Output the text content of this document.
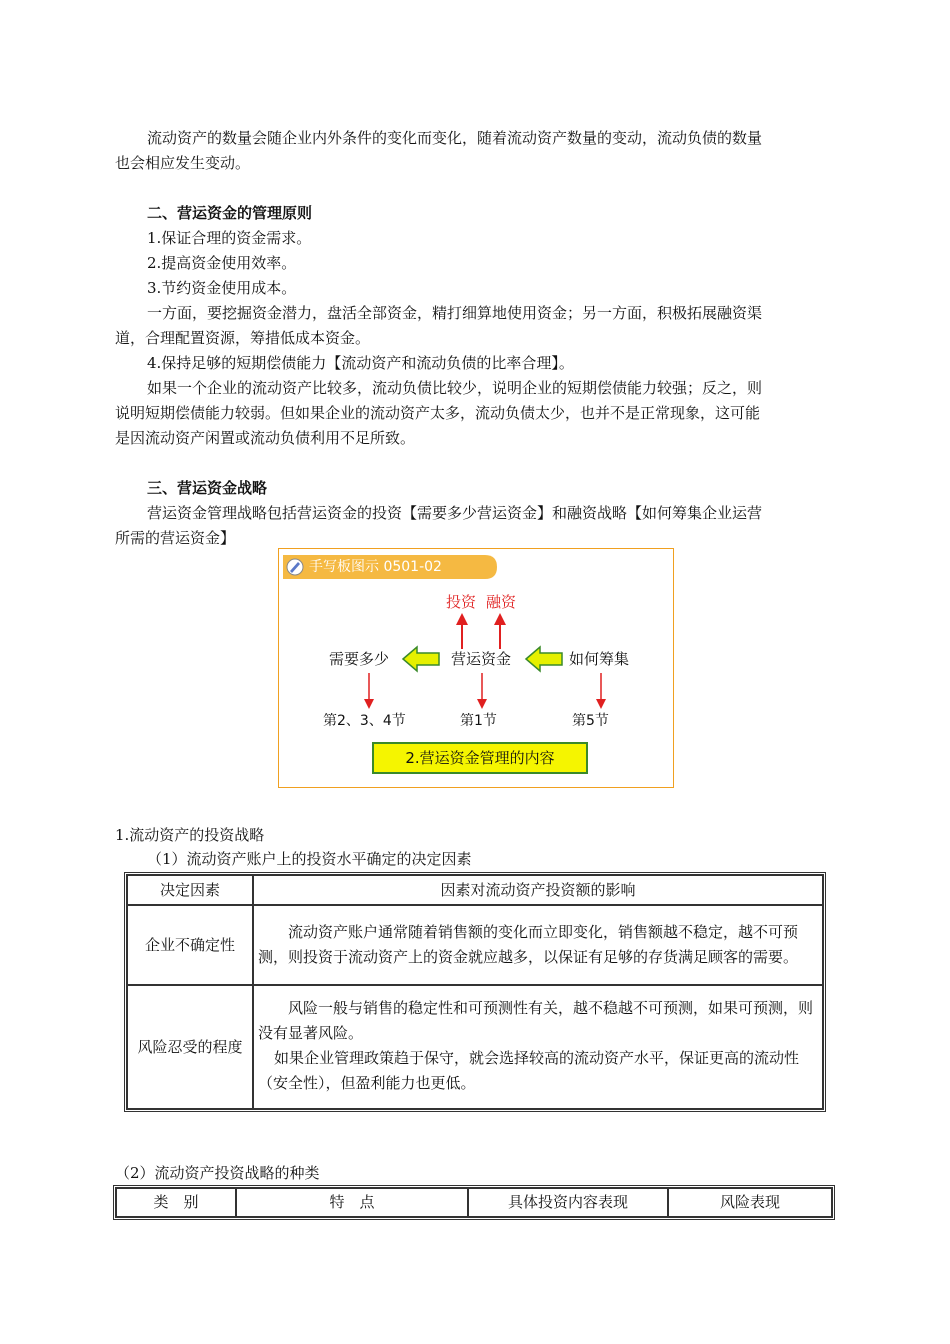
流动资产的数量会随企业内外条件的变化而变化，随着流动资产数量的变动，流动负债的数量
也会相应发生变动。
二、营运资金的管理原则
1.保证合理的资金需求。
2.提高资金使用效率。
3.节约资金使用成本。
一方面，要挖掘资金潜力，盘活全部资金，精打细算地使用资金；另一方面，积极拓展融资渠
道，合理配置资源，筹措低成本资金。
4.保持足够的短期偿债能力【流动资产和流动负债的比率合理】。
如果一个企业的流动资产比较多，流动负债比较少，说明企业的短期偿债能力较强；反之，则
说明短期偿债能力较弱。但如果企业的流动资产太多，流动负债太少，也并不是正常现象，这可能
是因流动资产闲置或流动负债利用不足所致。
三、营运资金战略
营运资金管理战略包括营运资金的投资【需要多少营运资金】和融资战略【如何筹集企业运营
所需的营运资金】
手写板图示 0501-02
投资 融资
需要多少	营运资金	如何筹集
第2、3、4节	第1节	第5节
2.营运资金管理的内容
1.流动资产的投资战略
（1）流动资产账户上的投资水平确定的决定因素
决定因素	因素对流动资产投资额的影响
企业不确定性	流动资产账户通常随着销售额的变化而立即变化，销售额越不稳定，越不可预测，则投资于流动资产上的资金就应越多，以保证有足够的存货满足顾客的需要。

风险忍受的程度	风险一般与销售的稳定性和可预测性有关，越不稳越不可预测，如果可预测，则没有显著风险。
如果企业管理政策趋于保守，就会选择较高的流动资产水平，保证更高的流动性（安全性），但盈利能力也更低。
（2）流动资产投资战略的种类
类　别	特　点	具体投资内容表现	风险表现
